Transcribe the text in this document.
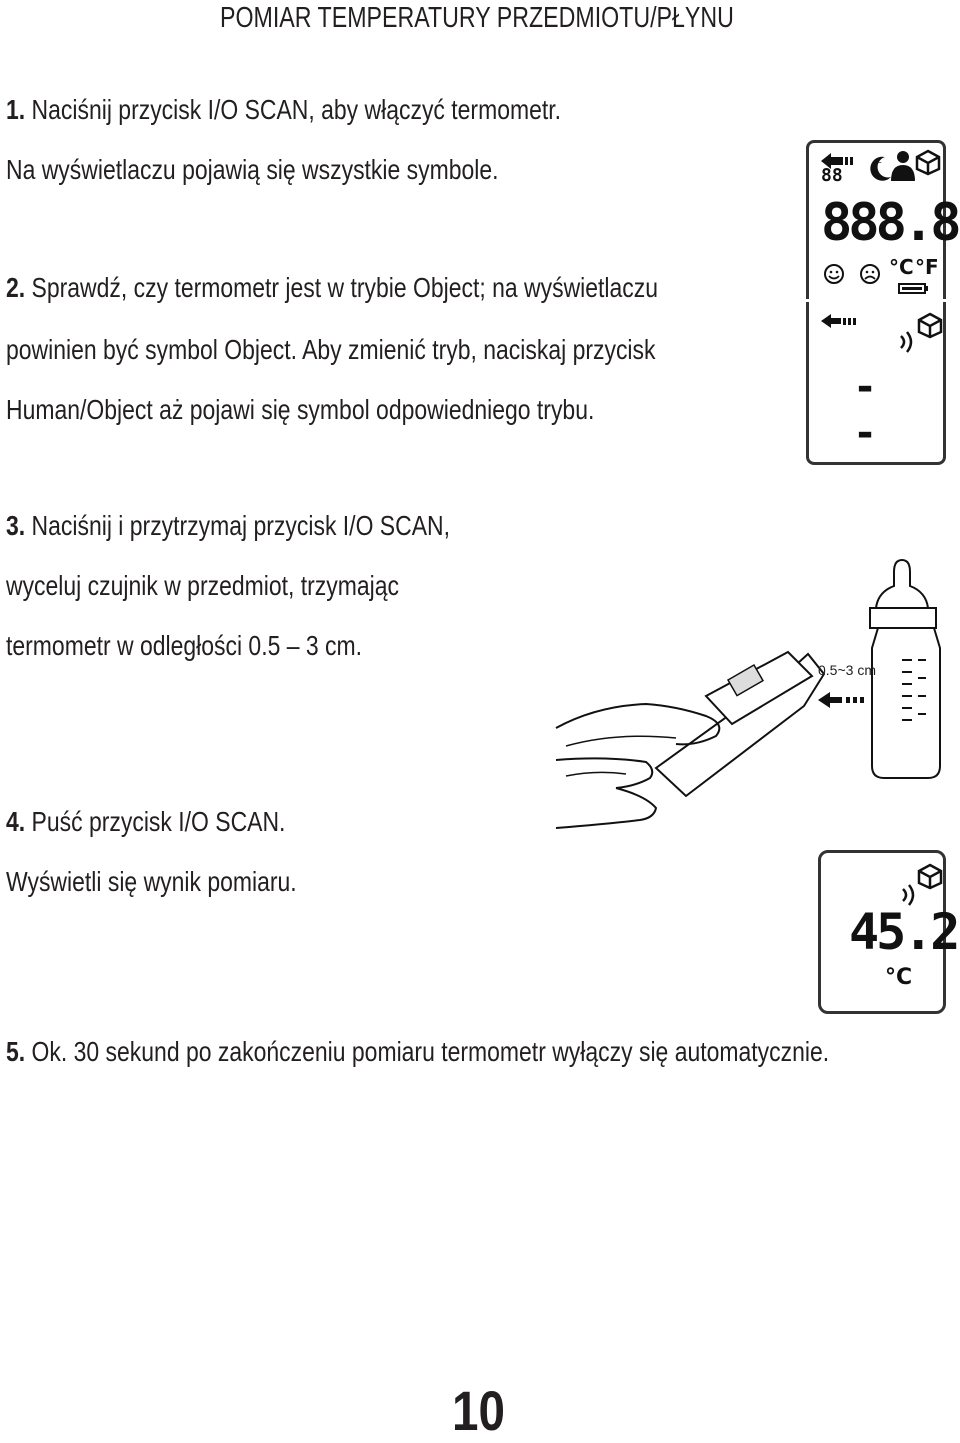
POMIAR TEMPERATURY PRZEDMIOTU/PŁYNU
1. Naciśnij przycisk I/O SCAN, aby włączyć termometr.
Na wyświetlaczu pojawią się wszystkie symbole.
2. Sprawdź, czy termometr jest w trybie Object; na wyświetlaczu
powinien być symbol Object. Aby zmienić tryb, naciskaj przycisk
Human/Object aż pojawi się symbol odpowiedniego trybu.
3. Naciśnij i przytrzymaj przycisk I/O SCAN,
wyceluj czujnik w przedmiot, trzymając
termometr w odległości 0.5 – 3 cm.
4. Puść przycisk I/O SCAN.
Wyświetli się wynik pomiaru.
5. Ok. 30 sekund po zakończeniu pomiaru termometr wyłączy się automatycznie.
88
z
888.8
°C °F
- -
0.5~3 cm
45.2
°C
10
